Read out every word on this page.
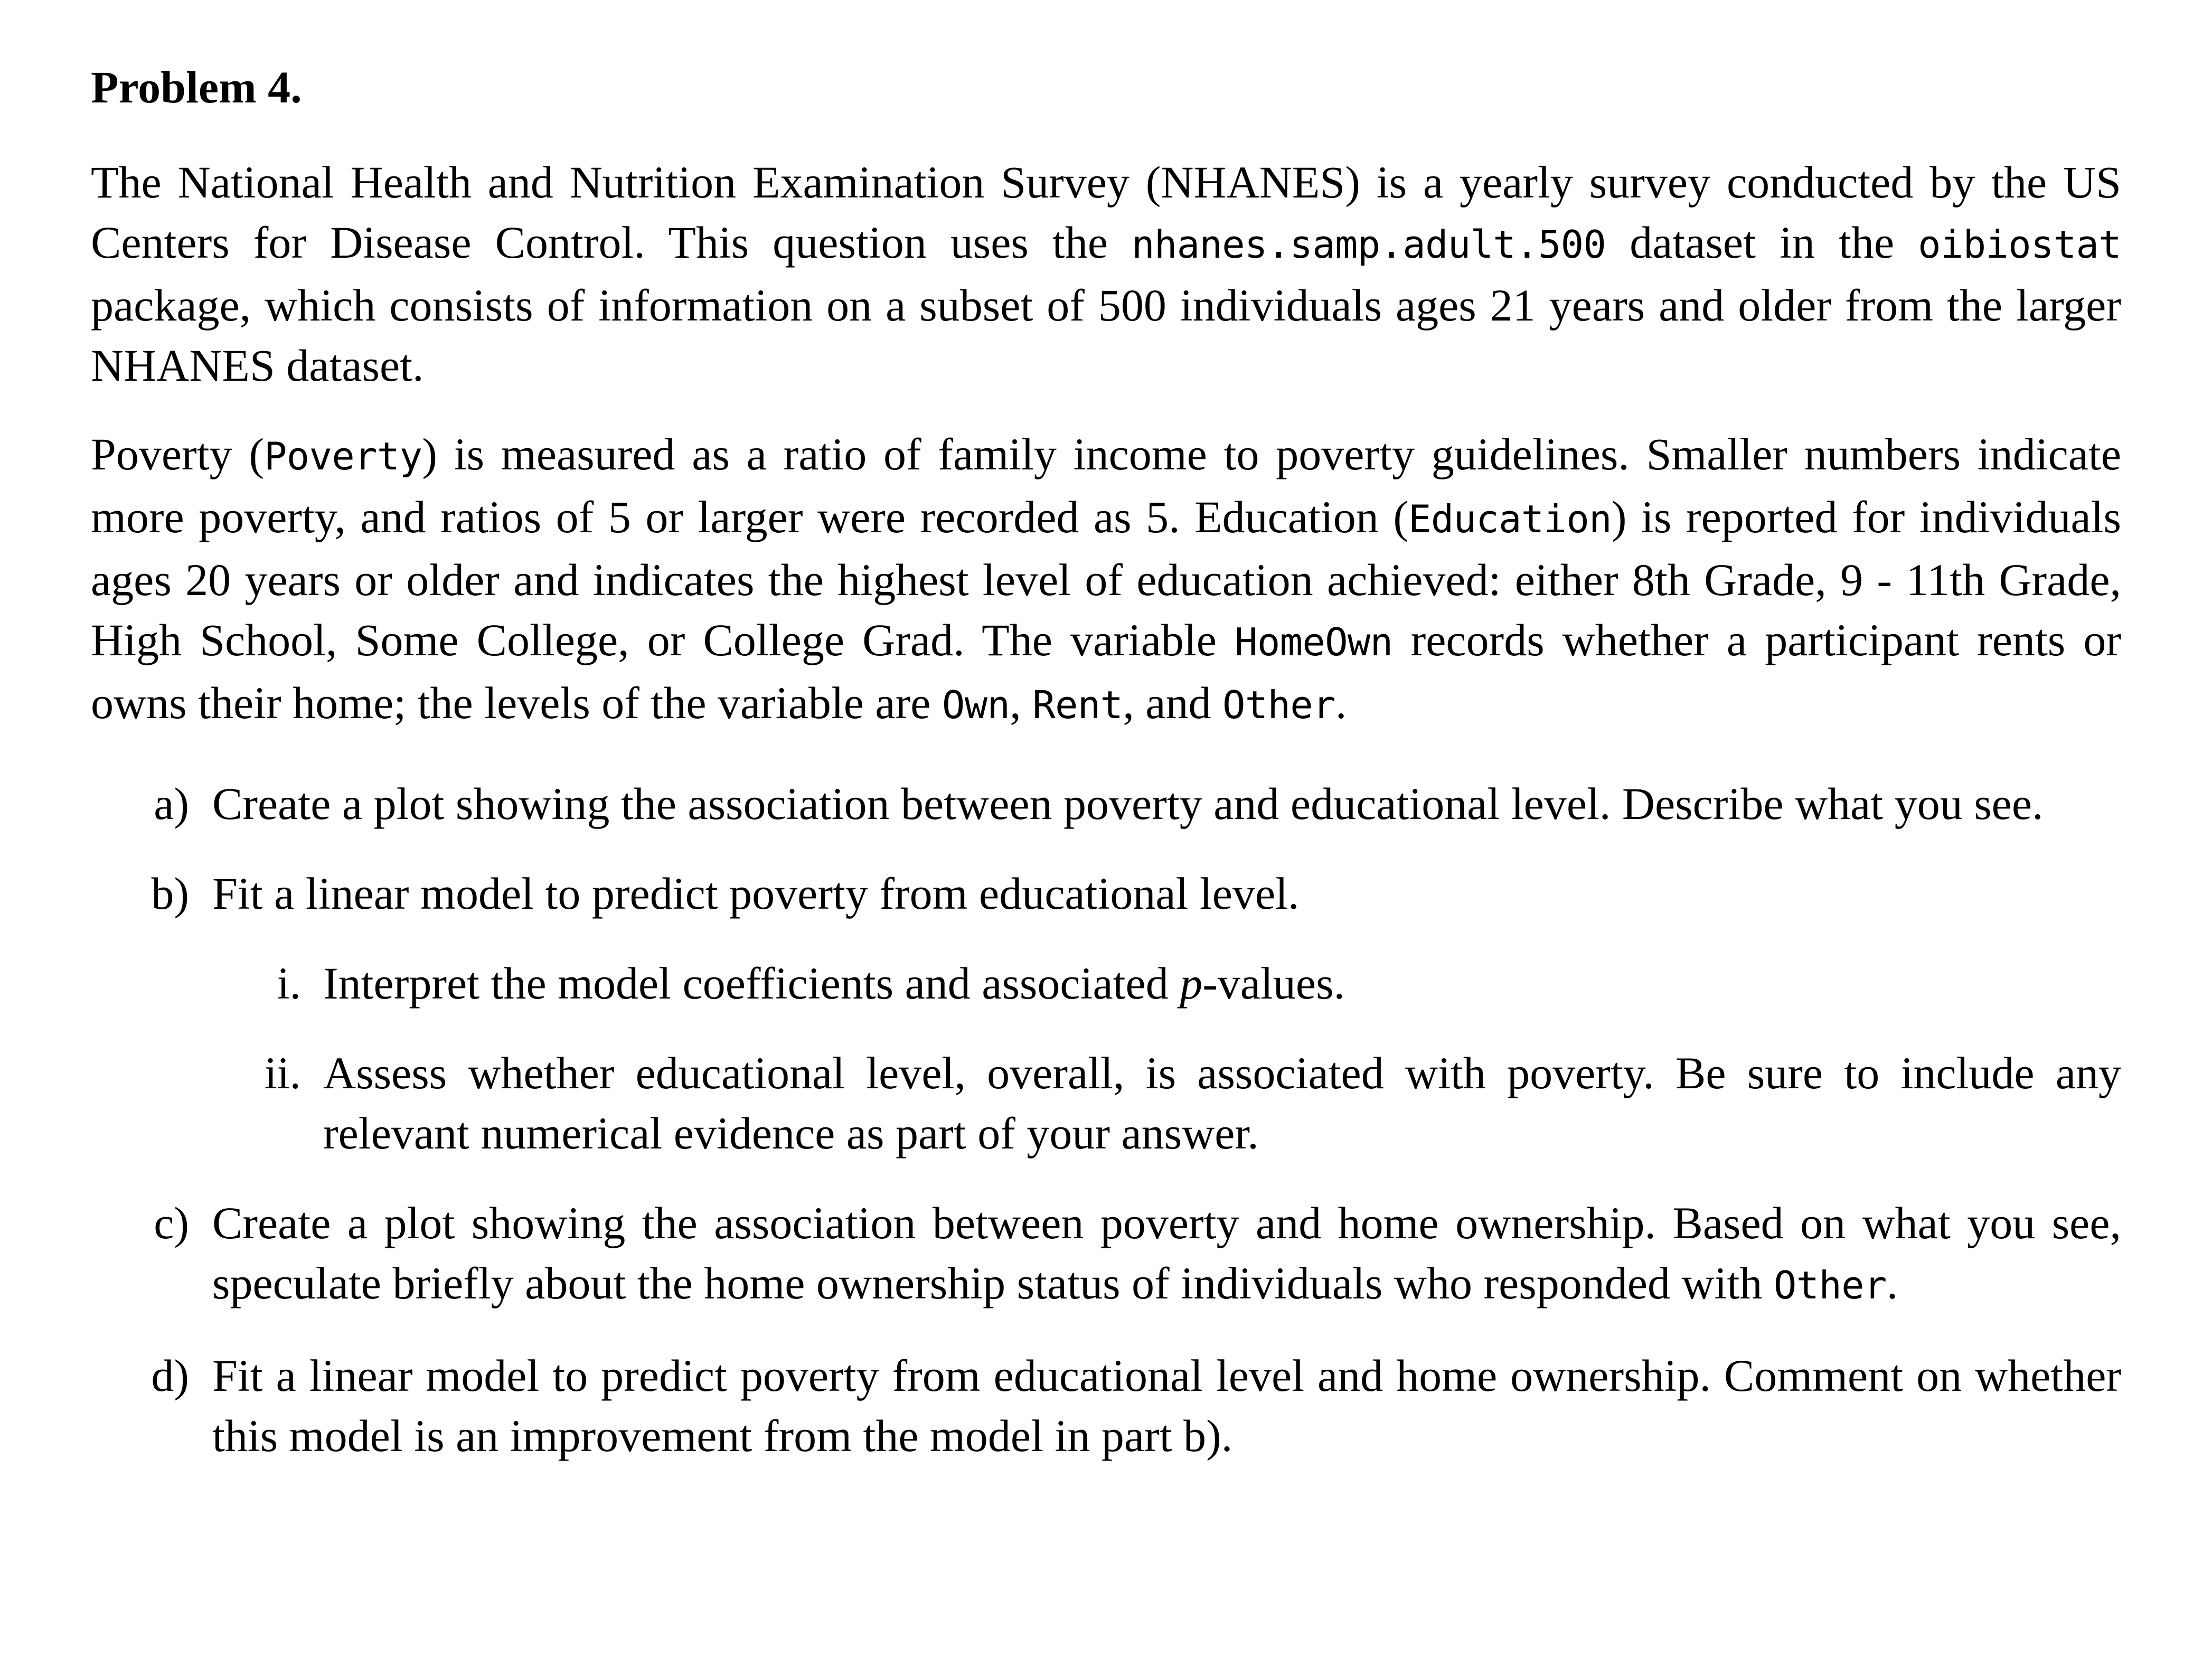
Problem 4.

The National Health and Nutrition Examination Survey (NHANES) is a yearly survey conducted by the US Centers for Disease Control. This question uses the nhanes.samp.adult.500 dataset in the oibiostat package, which consists of information on a subset of 500 individuals ages 21 years and older from the larger NHANES dataset.

Poverty (Poverty) is measured as a ratio of family income to poverty guidelines. Smaller numbers indicate more poverty, and ratios of 5 or larger were recorded as 5. Education (Education) is reported for individuals ages 20 years or older and indicates the highest level of education achieved: either 8th Grade, 9 - 11th Grade, High School, Some College, or College Grad. The variable HomeOwn records whether a participant rents or owns their home; the levels of the variable are Own, Rent, and Other.

a) Create a plot showing the association between poverty and educational level. Describe what you see.
b) Fit a linear model to predict poverty from educational level.
i. Interpret the model coefficients and associated p-values.
ii. Assess whether educational level, overall, is associated with poverty. Be sure to include any relevant numerical evidence as part of your answer.
c) Create a plot showing the association between poverty and home ownership. Based on what you see, speculate briefly about the home ownership status of individuals who responded with Other.
d) Fit a linear model to predict poverty from educational level and home ownership. Comment on whether this model is an improvement from the model in part b).
